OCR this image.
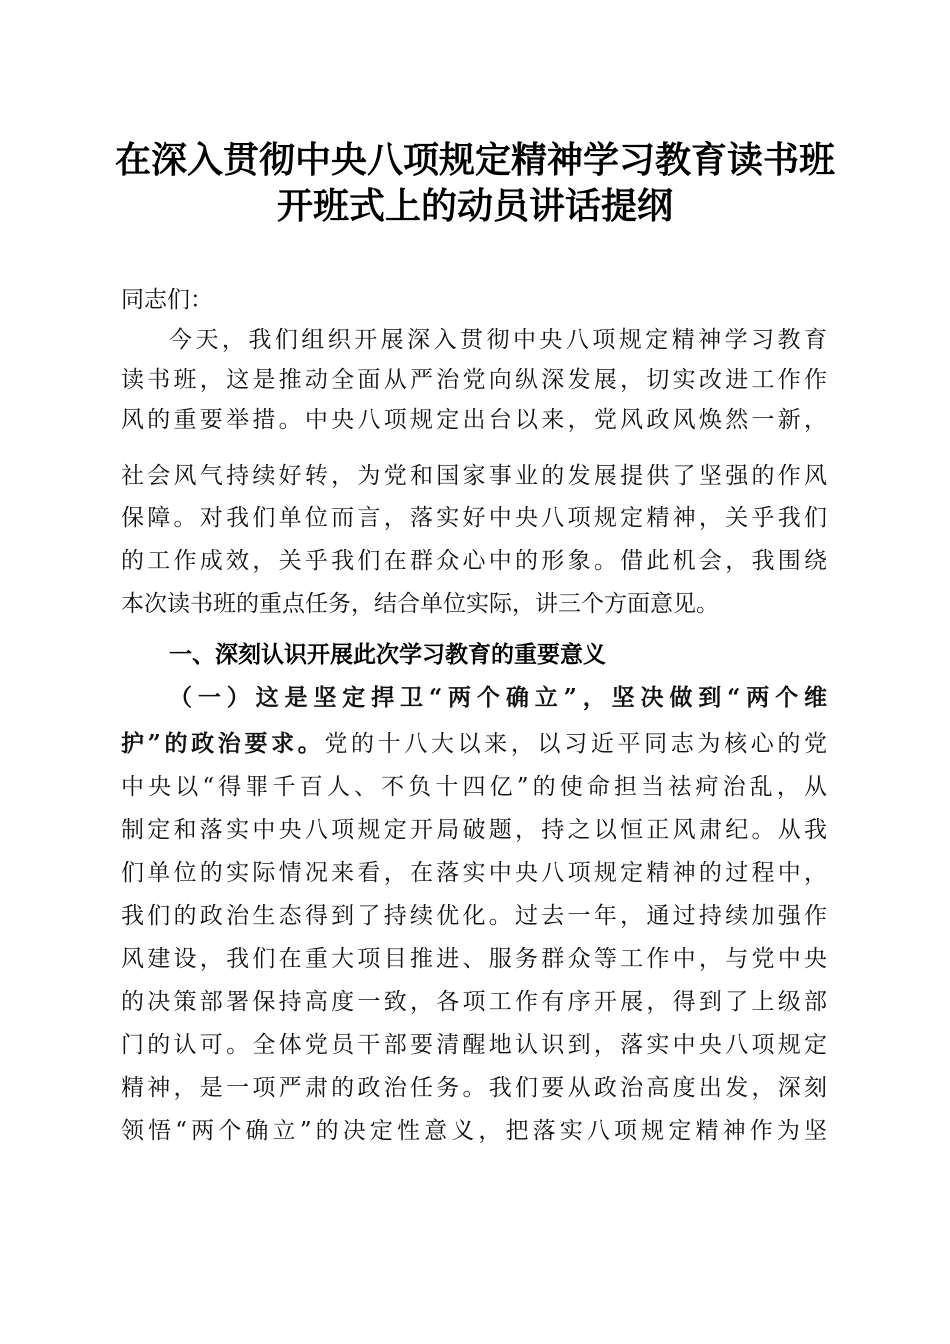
在深入贯彻中央八项规定精神学习教育读书班
开班式上的动员讲话提纲
同志们：
今天，我们组织开展深入贯彻中央八项规定精神学习教育
读书班，这是推动全面从严治党向纵深发展，切实改进工作作
风的重要举措。中央八项规定出台以来，党风政风焕然一新，
社会风气持续好转，为党和国家事业的发展提供了坚强的作风
保障。对我们单位而言，落实好中央八项规定精神，关乎我们
的工作成效，关乎我们在群众心中的形象。借此机会，我围绕
本次读书班的重点任务，结合单位实际，讲三个方面意见。
一、深刻认识开展此次学习教育的重要意义
（一）这是坚定捍卫“两个确立”，坚决做到“两个维
护”的政治要求。党的十八大以来，以习近平同志为核心的党
中央以“得罪千百人、不负十四亿”的使命担当祛疴治乱，从
制定和落实中央八项规定开局破题，持之以恒正风肃纪。从我
们单位的实际情况来看，在落实中央八项规定精神的过程中，
我们的政治生态得到了持续优化。过去一年，通过持续加强作
风建设，我们在重大项目推进、服务群众等工作中，与党中央
的决策部署保持高度一致，各项工作有序开展，得到了上级部
门的认可。全体党员干部要清醒地认识到，落实中央八项规定
精神，是一项严肃的政治任务。我们要从政治高度出发，深刻
领悟“两个确立”的决定性意义，把落实八项规定精神作为坚
